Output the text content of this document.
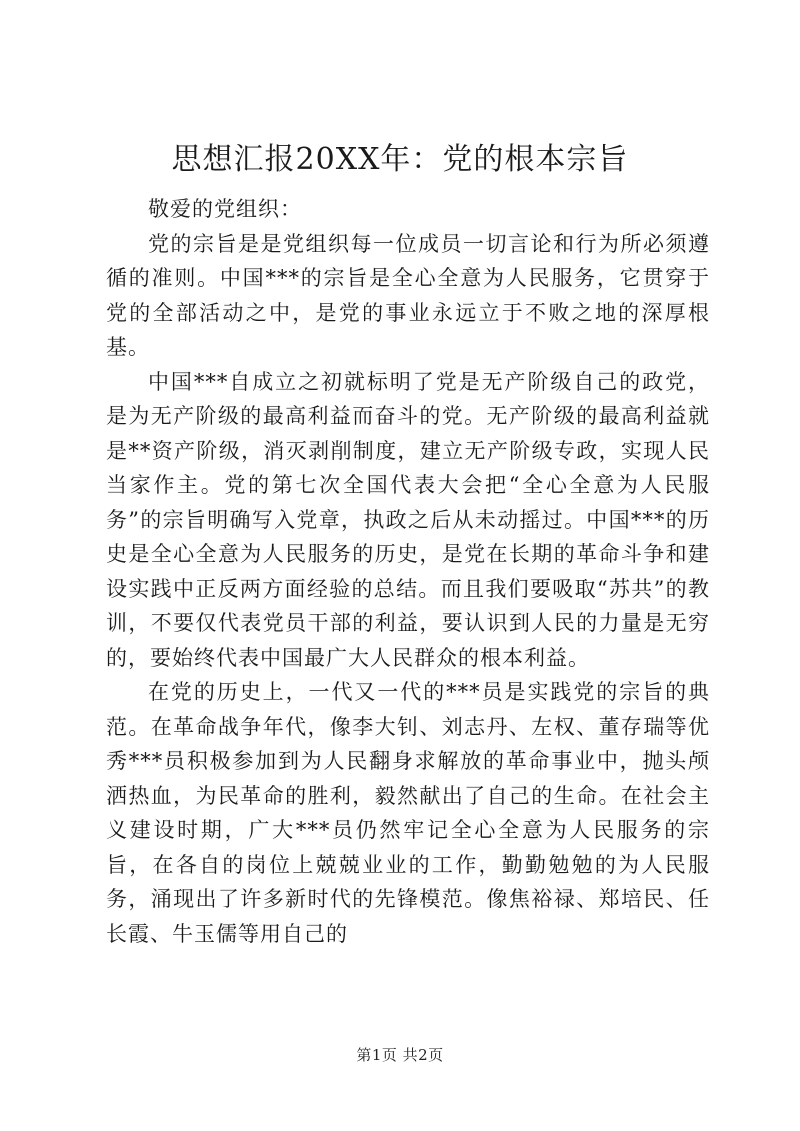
思想汇报20XX年：党的根本宗旨

敬爱的党组织：

党的宗旨是是党组织每一位成员一切言论和行为所必须遵循的准则。中国***的宗旨是全心全意为人民服务，它贯穿于党的全部活动之中，是党的事业永远立于不败之地的深厚根基。

中国***自成立之初就标明了党是无产阶级自己的政党，是为无产阶级的最高利益而奋斗的党。无产阶级的最高利益就是**资产阶级，消灭剥削制度，建立无产阶级专政，实现人民当家作主。党的第七次全国代表大会把“全心全意为人民服务”的宗旨明确写入党章，执政之后从未动摇过。中国***的历史是全心全意为人民服务的历史，是党在长期的革命斗争和建设实践中正反两方面经验的总结。而且我们要吸取“苏共”的教训，不要仅代表党员干部的利益，要认识到人民的力量是无穷的，要始终代表中国最广大人民群众的根本利益。

在党的历史上，一代又一代的***员是实践党的宗旨的典范。在革命战争年代，像李大钊、刘志丹、左权、董存瑞等优秀***员积极参加到为人民翻身求解放的革命事业中，抛头颅洒热血，为民革命的胜利，毅然献出了自己的生命。在社会主义建设时期，广大***员仍然牢记全心全意为人民服务的宗旨，在各自的岗位上兢兢业业的工作，勤勤勉勉的为人民服务，涌现出了许多新时代的先锋模范。像焦裕禄、郑培民、任长霞、牛玉儒等用自己的

第1页 共2页
